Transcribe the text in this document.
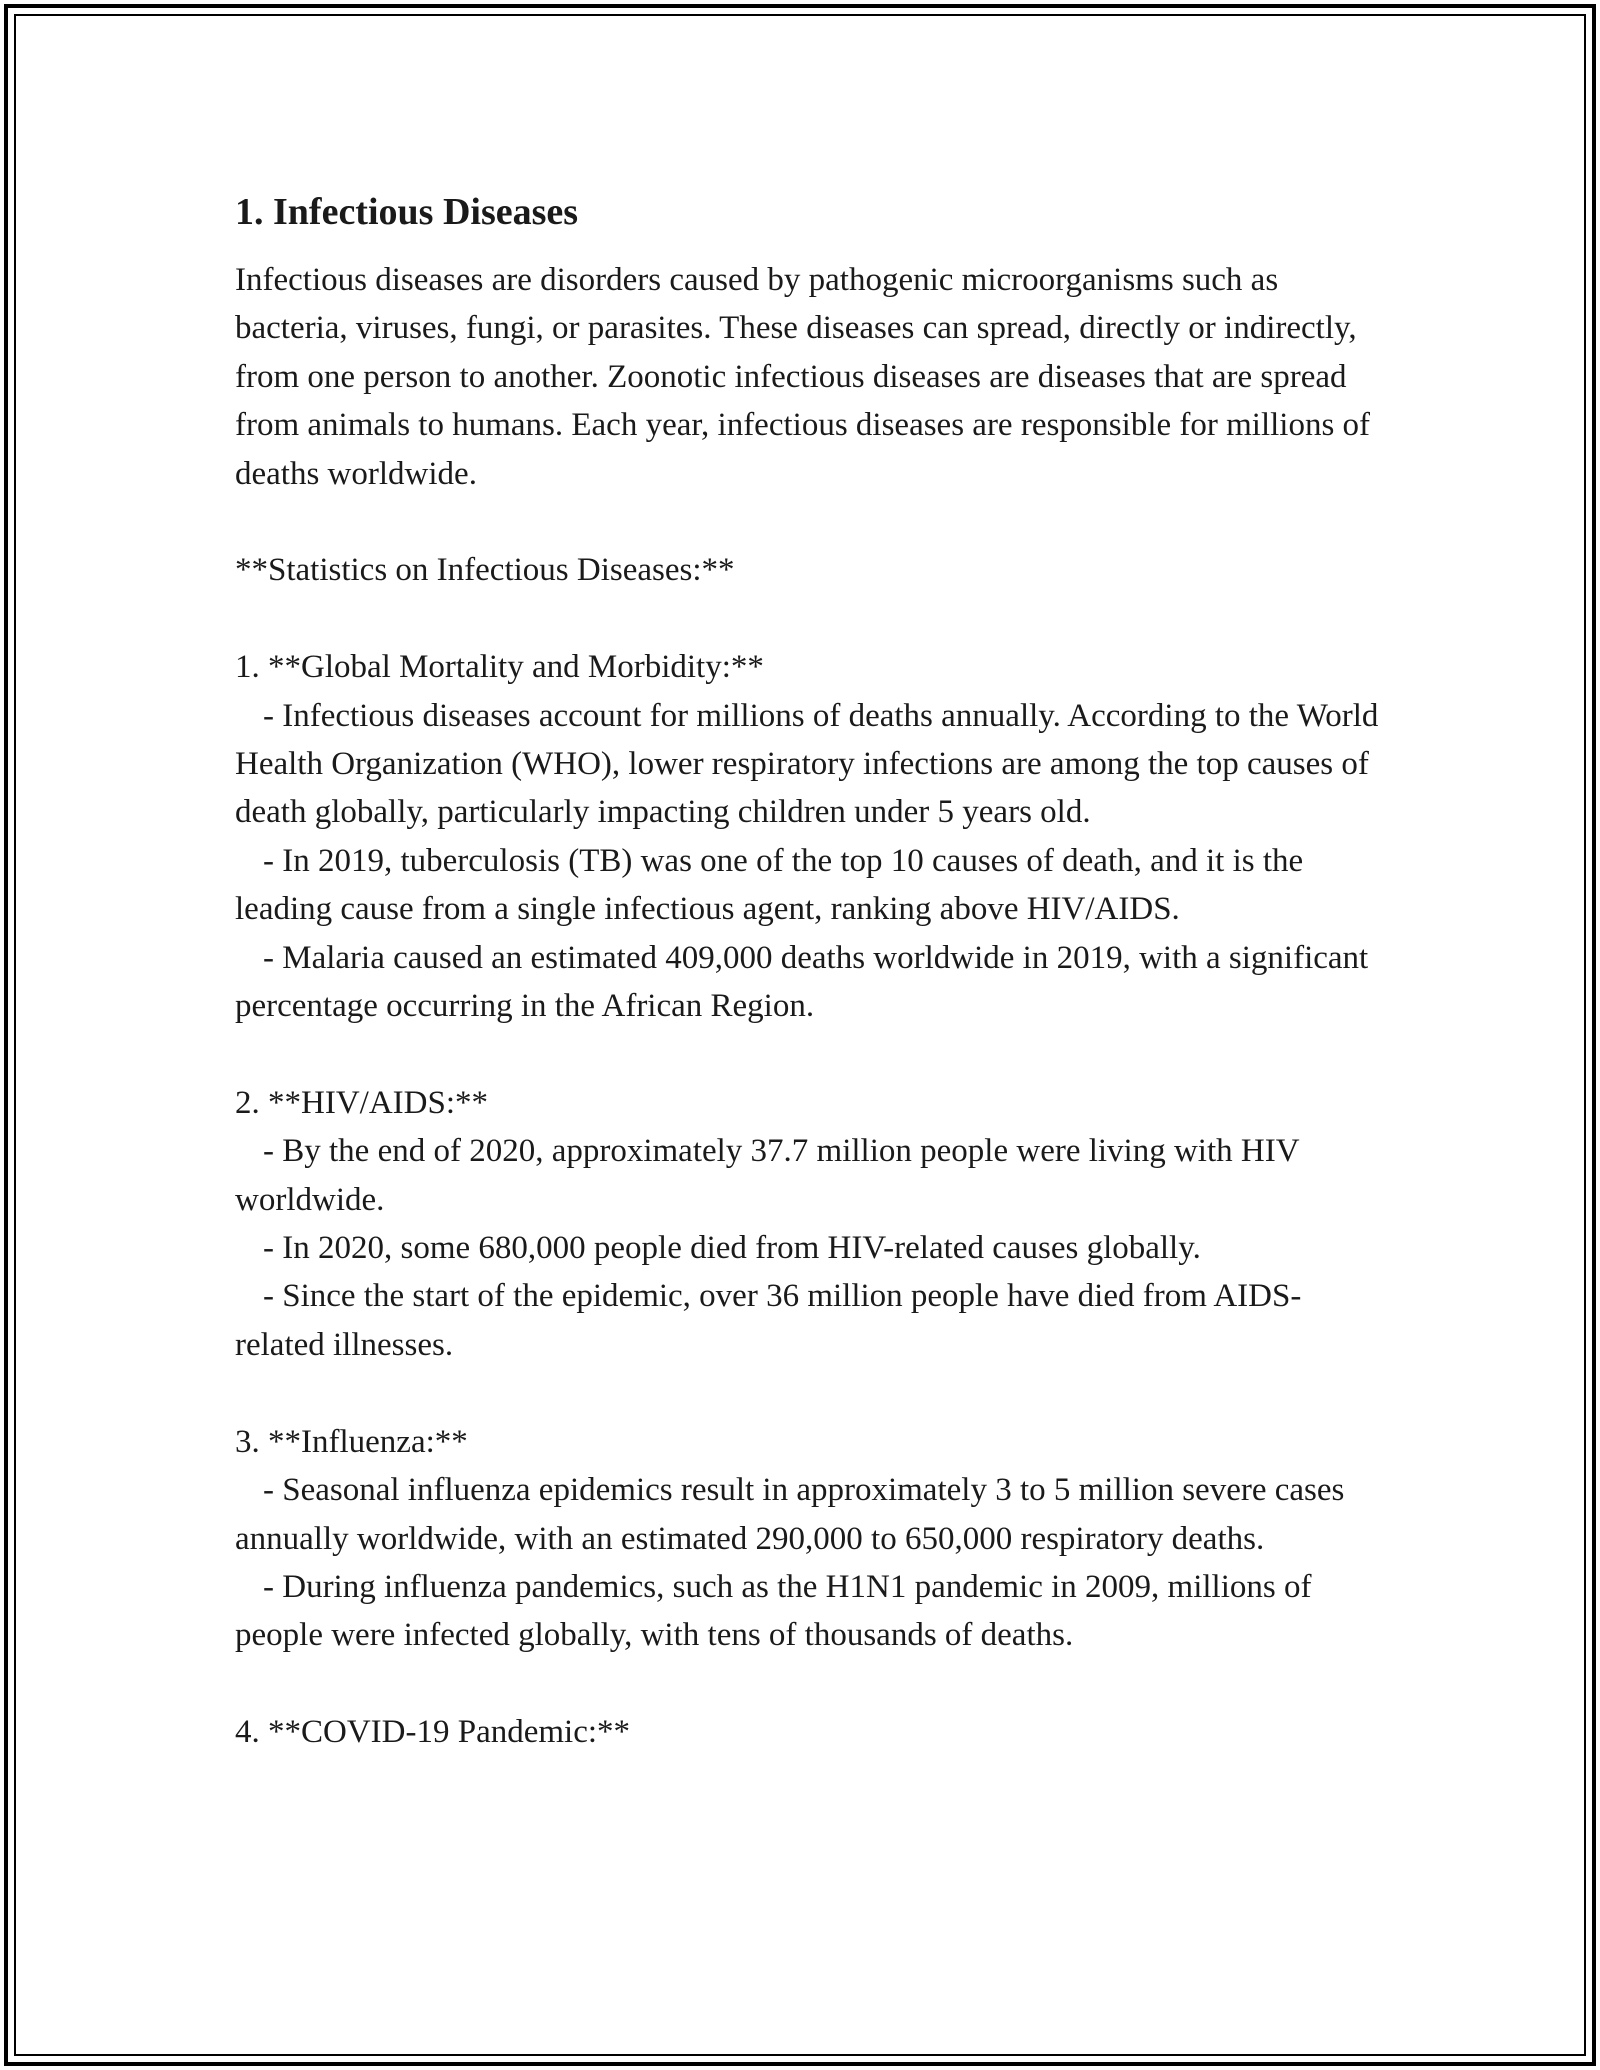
1. Infectious Diseases

Infectious diseases are disorders caused by pathogenic microorganisms such as bacteria, viruses, fungi, or parasites. These diseases can spread, directly or indirectly, from one person to another. Zoonotic infectious diseases are diseases that are spread from animals to humans. Each year, infectious diseases are responsible for millions of deaths worldwide.

**Statistics on Infectious Diseases:**

1. **Global Mortality and Morbidity:**

- Infectious diseases account for millions of deaths annually. According to the World Health Organization (WHO), lower respiratory infections are among the top causes of death globally, particularly impacting children under 5 years old.

- In 2019, tuberculosis (TB) was one of the top 10 causes of death, and it is the leading cause from a single infectious agent, ranking above HIV/AIDS.

- Malaria caused an estimated 409,000 deaths worldwide in 2019, with a significant percentage occurring in the African Region.

2. **HIV/AIDS:**

- By the end of 2020, approximately 37.7 million people were living with HIV worldwide.

- In 2020, some 680,000 people died from HIV-related causes globally.

- Since the start of the epidemic, over 36 million people have died from AIDS-related illnesses.

3. **Influenza:**

- Seasonal influenza epidemics result in approximately 3 to 5 million severe cases annually worldwide, with an estimated 290,000 to 650,000 respiratory deaths.

- During influenza pandemics, such as the H1N1 pandemic in 2009, millions of people were infected globally, with tens of thousands of deaths.

4. **COVID-19 Pandemic:**
